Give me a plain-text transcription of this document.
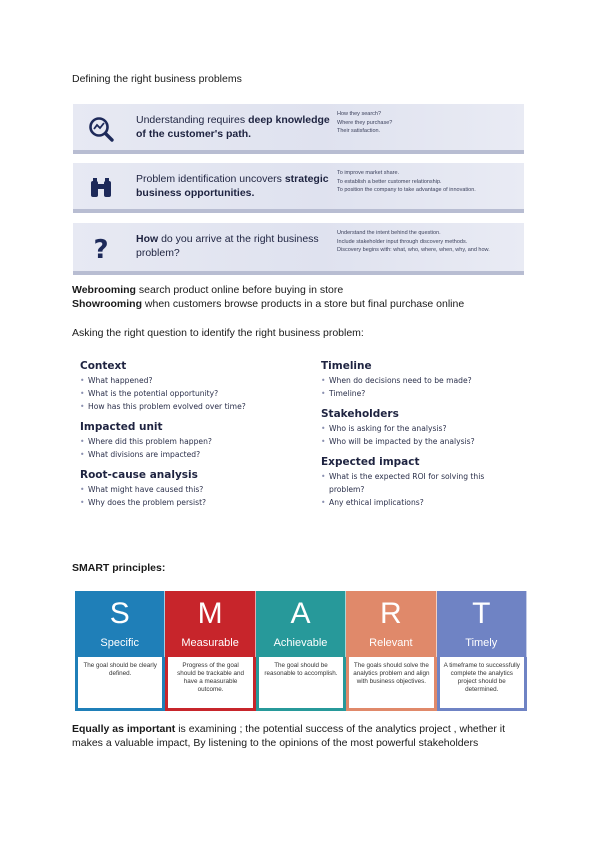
Defining the right business problems
Understanding requires deep knowledge of the customer's path.
How they search?
Where they purchase?
Their satisfaction.
Problem identification uncovers strategic business opportunities.
To improve market share.
To establish a better customer relationship.
To position the company to take advantage of innovation.
?	How do you arrive at the right business problem?
Understand the intent behind the question.
Include stakeholder input through discovery methods.
Discovery begins with: what, who, where, when, why, and how.
Webrooming search product online before buying in store
Showrooming when customers browse products in a store but final purchase online
Asking the right question to identify the right business problem:
Context
• What happened?
• What is the potential opportunity?
• How has this problem evolved over time?
Impacted unit
• Where did this problem happen?
• What divisions are impacted?
Root-cause analysis
• What might have caused this?
• Why does the problem persist?
Timeline
• When do decisions need to be made?
• Timeline?
Stakeholders
• Who is asking for the analysis?
• Who will be impacted by the analysis?
Expected impact
• What is the expected ROI for solving this problem?
• Any ethical implications?
SMART principles:
S
Specific
The goal should be clearly defined.
M
Measurable
Progress of the goal should be trackable and have a measurable outcome.
A
Achievable
The goal should be reasonable to accomplish.
R
Relevant
The goals should solve the analytics problem and align with business objectives.
T
Timely
A timeframe to successfully complete the analytics project should be determined.
Equally as important is examining ; the potential success of the analytics project , whether it makes a valuable impact, By listening to the opinions of the most powerful stakeholders
